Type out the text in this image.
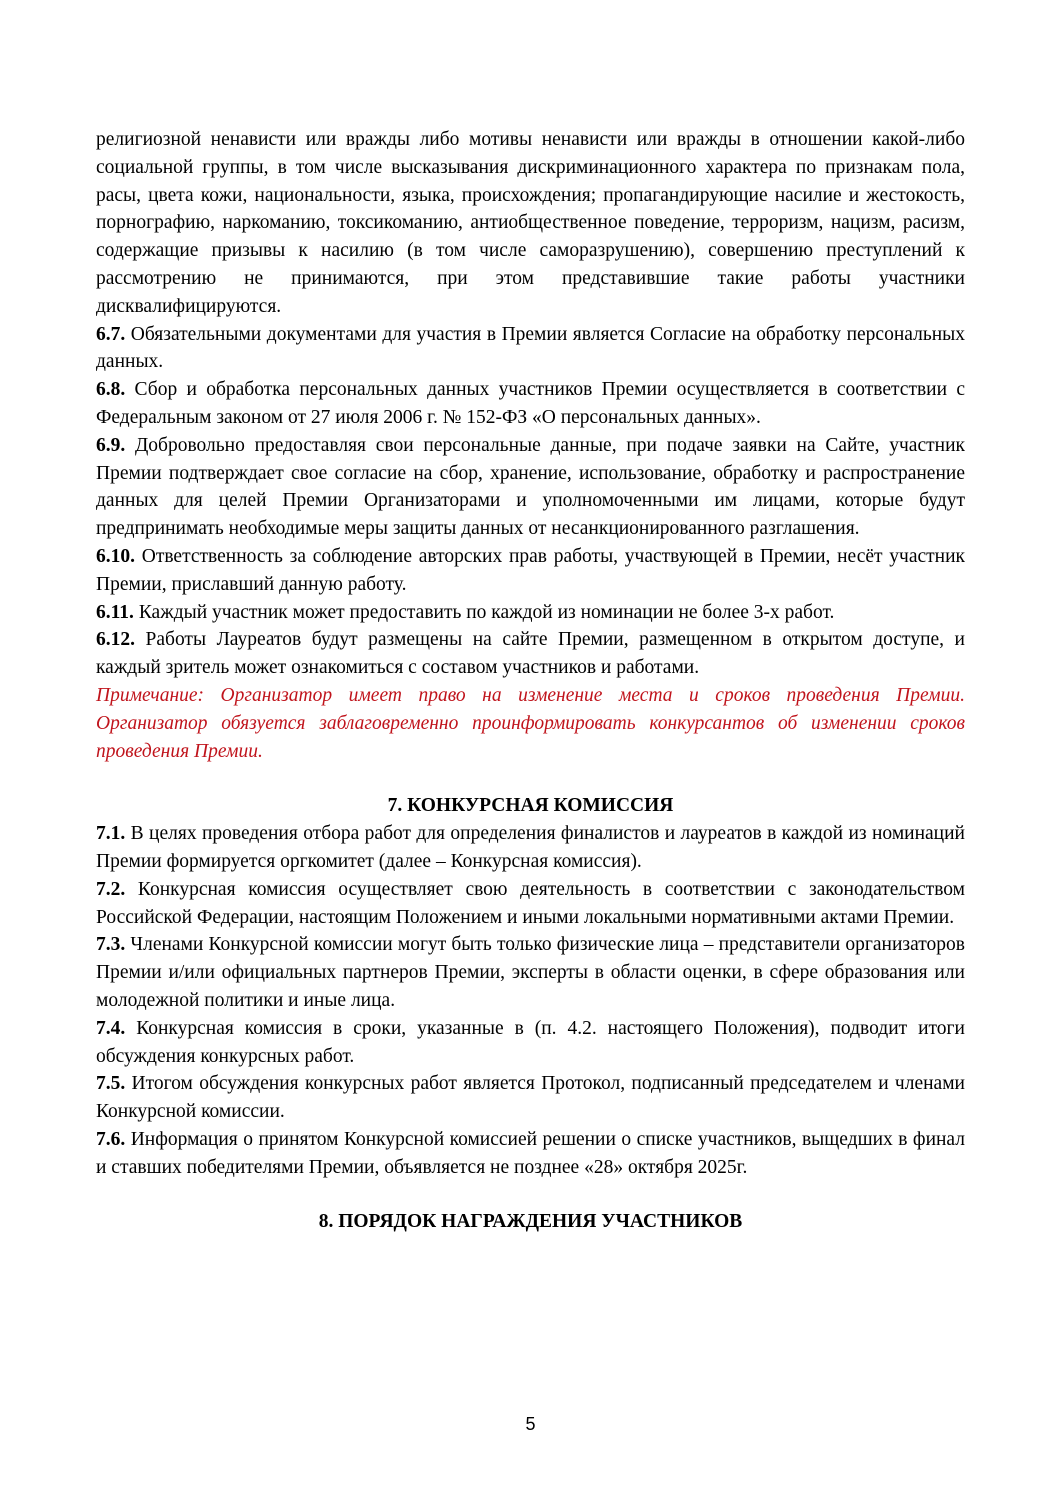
религиозной ненависти или вражды либо мотивы ненависти или вражды в отношении какой-либо социальной группы, в том числе высказывания дискриминационного характера по признакам пола, расы, цвета кожи, национальности, языка, происхождения; пропагандирующие насилие и жестокость, порнографию, наркоманию, токсикоманию, антиобщественное поведение, терроризм, нацизм, расизм, содержащие призывы к насилию (в том числе саморазрушению), совершению преступлений к рассмотрению не принимаются, при этом представившие такие работы участники дисквалифицируются.

6.7. Обязательными документами для участия в Премии является Согласие на обработку персональных данных.

6.8. Сбор и обработка персональных данных участников Премии осуществляется в соответствии с Федеральным законом от 27 июля 2006 г. № 152-ФЗ «О персональных данных».

6.9. Добровольно предоставляя свои персональные данные, при подаче заявки на Сайте, участник Премии подтверждает свое согласие на сбор, хранение, использование, обработку и распространение данных для целей Премии Организаторами и уполномоченными им лицами, которые будут предпринимать необходимые меры защиты данных от несанкционированного разглашения.

6.10. Ответственность за соблюдение авторских прав работы, участвующей в Премии, несёт участник Премии, приславший данную работу.

6.11. Каждый участник может предоставить по каждой из номинации не более 3-х работ.

6.12. Работы Лауреатов будут размещены на сайте Премии, размещенном в открытом доступе, и каждый зритель может ознакомиться с составом участников и работами.

Примечание: Организатор имеет право на изменение места и сроков проведения Премии. Организатор обязуется заблаговременно проинформировать конкурсантов об изменении сроков проведения Премии.

7. КОНКУРСНАЯ КОМИССИЯ

7.1. В целях проведения отбора работ для определения финалистов и лауреатов в каждой из номинаций Премии формируется оргкомитет (далее – Конкурсная комиссия).

7.2. Конкурсная комиссия осуществляет свою деятельность в соответствии с законодательством Российской Федерации, настоящим Положением и иными локальными нормативными актами Премии.

7.3. Членами Конкурсной комиссии могут быть только физические лица – представители организаторов Премии и/или официальных партнеров Премии, эксперты в области оценки, в сфере образования или молодежной политики и иные лица.

7.4. Конкурсная комиссия в сроки, указанные в (п. 4.2. настоящего Положения), подводит итоги обсуждения конкурсных работ.

7.5. Итогом обсуждения конкурсных работ является Протокол, подписанный председателем и членами Конкурсной комиссии.

7.6. Информация о принятом Конкурсной комиссией решении о списке участников, выщедших в финал и ставших победителями Премии, объявляется не позднее «28» октября 2025г.

8. ПОРЯДОК НАГРАЖДЕНИЯ УЧАСТНИКОВ
5
